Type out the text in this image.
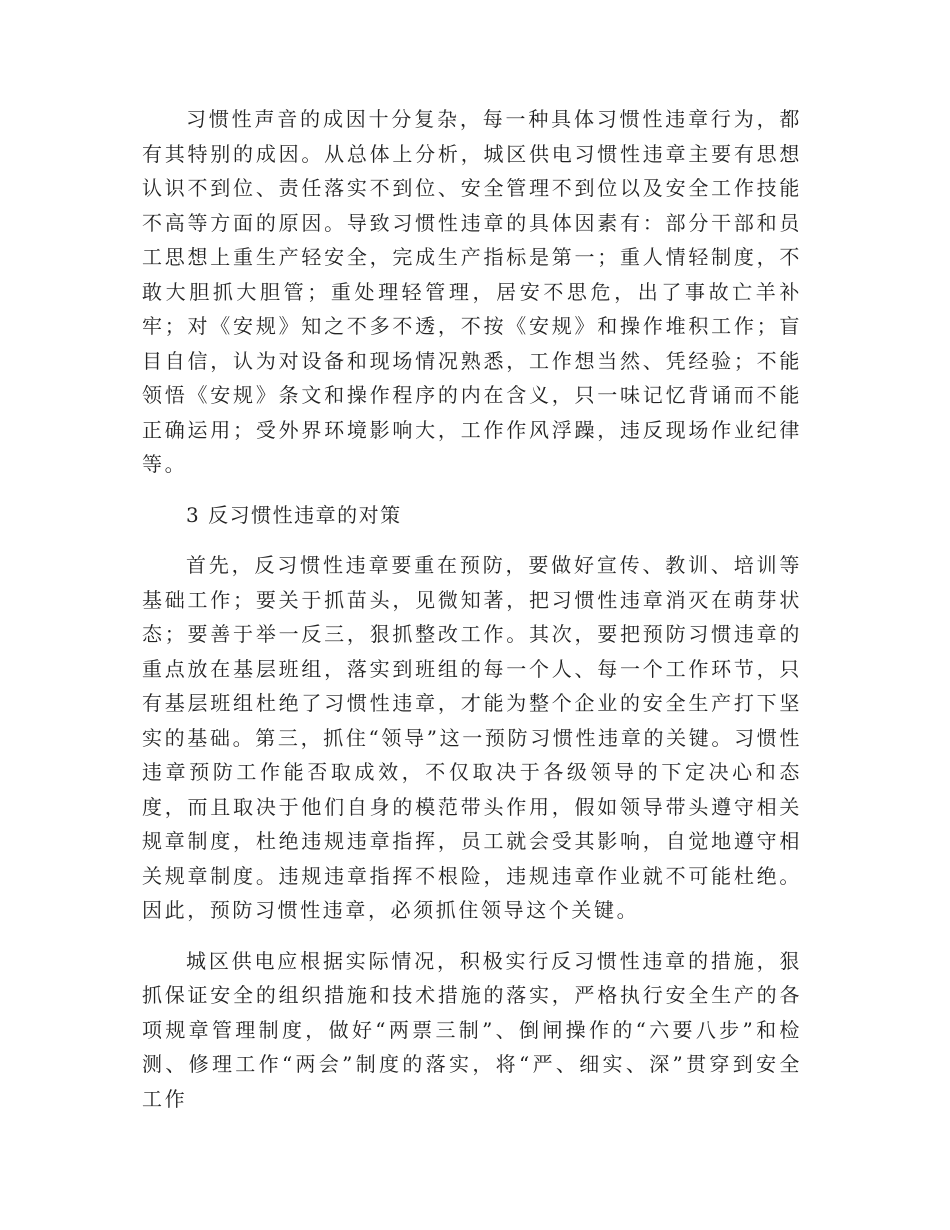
习惯性声音的成因十分复杂，每一种具体习惯性违章行为，都有其特别的成因。从总体上分析，城区供电习惯性违章主要有思想认识不到位、责任落实不到位、安全管理不到位以及安全工作技能不高等方面的原因。导致习惯性违章的具体因素有：部分干部和员工思想上重生产轻安全，完成生产指标是第一；重人情轻制度，不敢大胆抓大胆管；重处理轻管理，居安不思危，出了事故亡羊补牢；对《安规》知之不多不透，不按《安规》和操作堆积工作；盲目自信，认为对设备和现场情况熟悉，工作想当然、凭经验；不能领悟《安规》条文和操作程序的内在含义，只一味记忆背诵而不能正确运用；受外界环境影响大，工作作风浮躁，违反现场作业纪律等。

3 反习惯性违章的对策

首先，反习惯性违章要重在预防，要做好宣传、教训、培训等基础工作；要关于抓苗头，见微知著，把习惯性违章消灭在萌芽状态；要善于举一反三，狠抓整改工作。其次，要把预防习惯违章的重点放在基层班组，落实到班组的每一个人、每一个工作环节，只有基层班组杜绝了习惯性违章，才能为整个企业的安全生产打下坚实的基础。第三，抓住“领导”这一预防习惯性违章的关键。习惯性违章预防工作能否取成效，不仅取决于各级领导的下定决心和态度，而且取决于他们自身的模范带头作用，假如领导带头遵守相关规章制度，杜绝违规违章指挥，员工就会受其影响，自觉地遵守相关规章制度。违规违章指挥不根险，违规违章作业就不可能杜绝。因此，预防习惯性违章，必须抓住领导这个关键。

城区供电应根据实际情况，积极实行反习惯性违章的措施，狠抓保证安全的组织措施和技术措施的落实，严格执行安全生产的各项规章管理制度，做好“两票三制”、倒闸操作的“六要八步”和检测、修理工作“两会”制度的落实，将“严、细实、深”贯穿到安全工作
